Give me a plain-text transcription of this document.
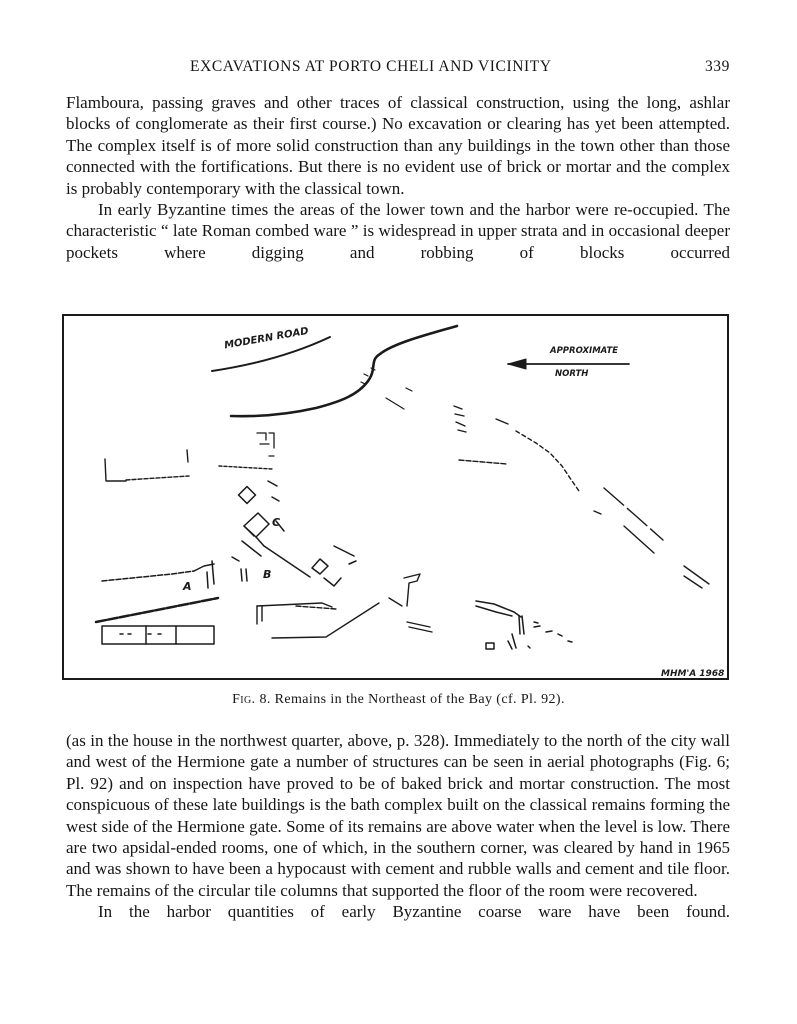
EXCAVATIONS AT PORTO CHELI AND VICINITY	339

Flamboura, passing graves and other traces of classical construction, using the long, ashlar blocks of conglomerate as their first course.) No excavation or clearing has yet been attempted. The complex itself is of more solid construction than any buildings in the town other than those connected with the fortifications. But there is no evident use of brick or mortar and the complex is probably contemporary with the classical town.

In early Byzantine times the areas of the lower town and the harbor were re-occupied. The characteristic “ late Roman combed ware ” is widespread in upper strata and in occasional deeper pockets where digging and robbing of blocks occurred

MODERN ROAD	APPROXIMATE
NORTH
A
B
C
MHM'A 1968
Fig. 8. Remains in the Northeast of the Bay (cf. Pl. 92).

(as in the house in the northwest quarter, above, p. 328). Immediately to the north of the city wall and west of the Hermione gate a number of structures can be seen in aerial photographs (Fig. 6; Pl. 92) and on inspection have proved to be of baked brick and mortar construction. The most conspicuous of these late buildings is the bath complex built on the classical remains forming the west side of the Hermione gate. Some of its remains are above water when the level is low. There are two apsidal-ended rooms, one of which, in the southern corner, was cleared by hand in 1965 and was shown to have been a hypocaust with cement and rubble walls and cement and tile floor. The remains of the circular tile columns that supported the floor of the room were recovered.

In the harbor quantities of early Byzantine coarse ware have been found.
